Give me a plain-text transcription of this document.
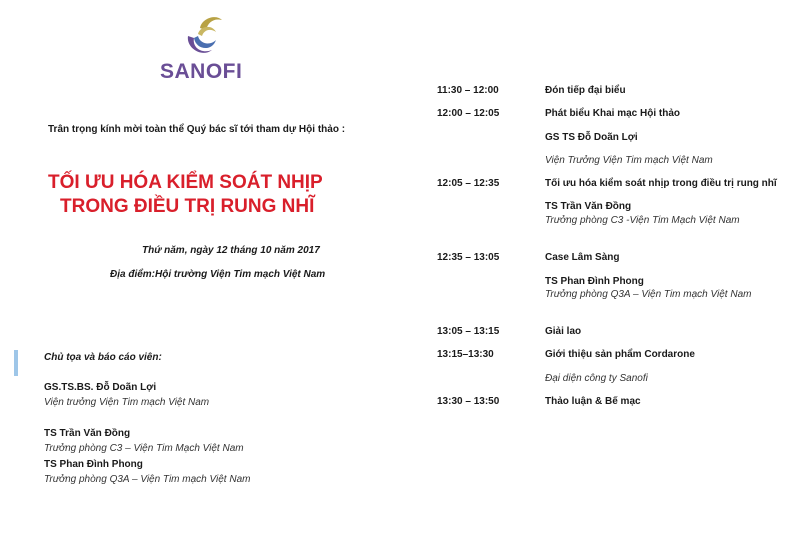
SANOFI
Trân trọng kính mời toàn thể Quý bác sĩ tới tham dự Hội thảo :
TỐI ƯU HÓA KIỂM SOÁT NHỊP
TRONG ĐIỀU TRỊ RUNG NHĨ
Thứ năm, ngày 12 tháng 10 năm 2017
Địa điểm:Hội trường Viện Tim mạch Việt Nam
Chủ tọa và báo cáo viên:
GS.TS.BS. Đỗ Doãn Lợi
Viện trưởng Viện Tim mạch Việt Nam
TS Trần Văn Đồng
Trưởng phòng C3 – Viện Tim Mạch Việt Nam
TS Phan Đình Phong
Trưởng phòng Q3A – Viện Tim mạch Việt Nam
11:30 – 12:00	Đón tiếp đại biểu
12:00 – 12:05	Phát biểu Khai mạc Hội thảo
GS TS Đỗ Doãn Lợi
Viện Trưởng Viện Tim mạch Việt Nam
12:05 – 12:35	Tối ưu hóa kiểm soát nhịp trong điều trị rung nhĩ
TS Trần Văn Đồng
Trưởng phòng C3 -Viện Tim Mạch Việt Nam
12:35 – 13:05	Case Lâm Sàng
TS Phan Đình Phong
Trưởng phòng Q3A – Viện Tim mạch Việt Nam
13:05 – 13:15	Giải lao
13:15–13:30	Giới thiệu sản phẩm Cordarone
Đại diện công ty Sanofi
13:30 – 13:50	Thảo luận & Bế mạc
